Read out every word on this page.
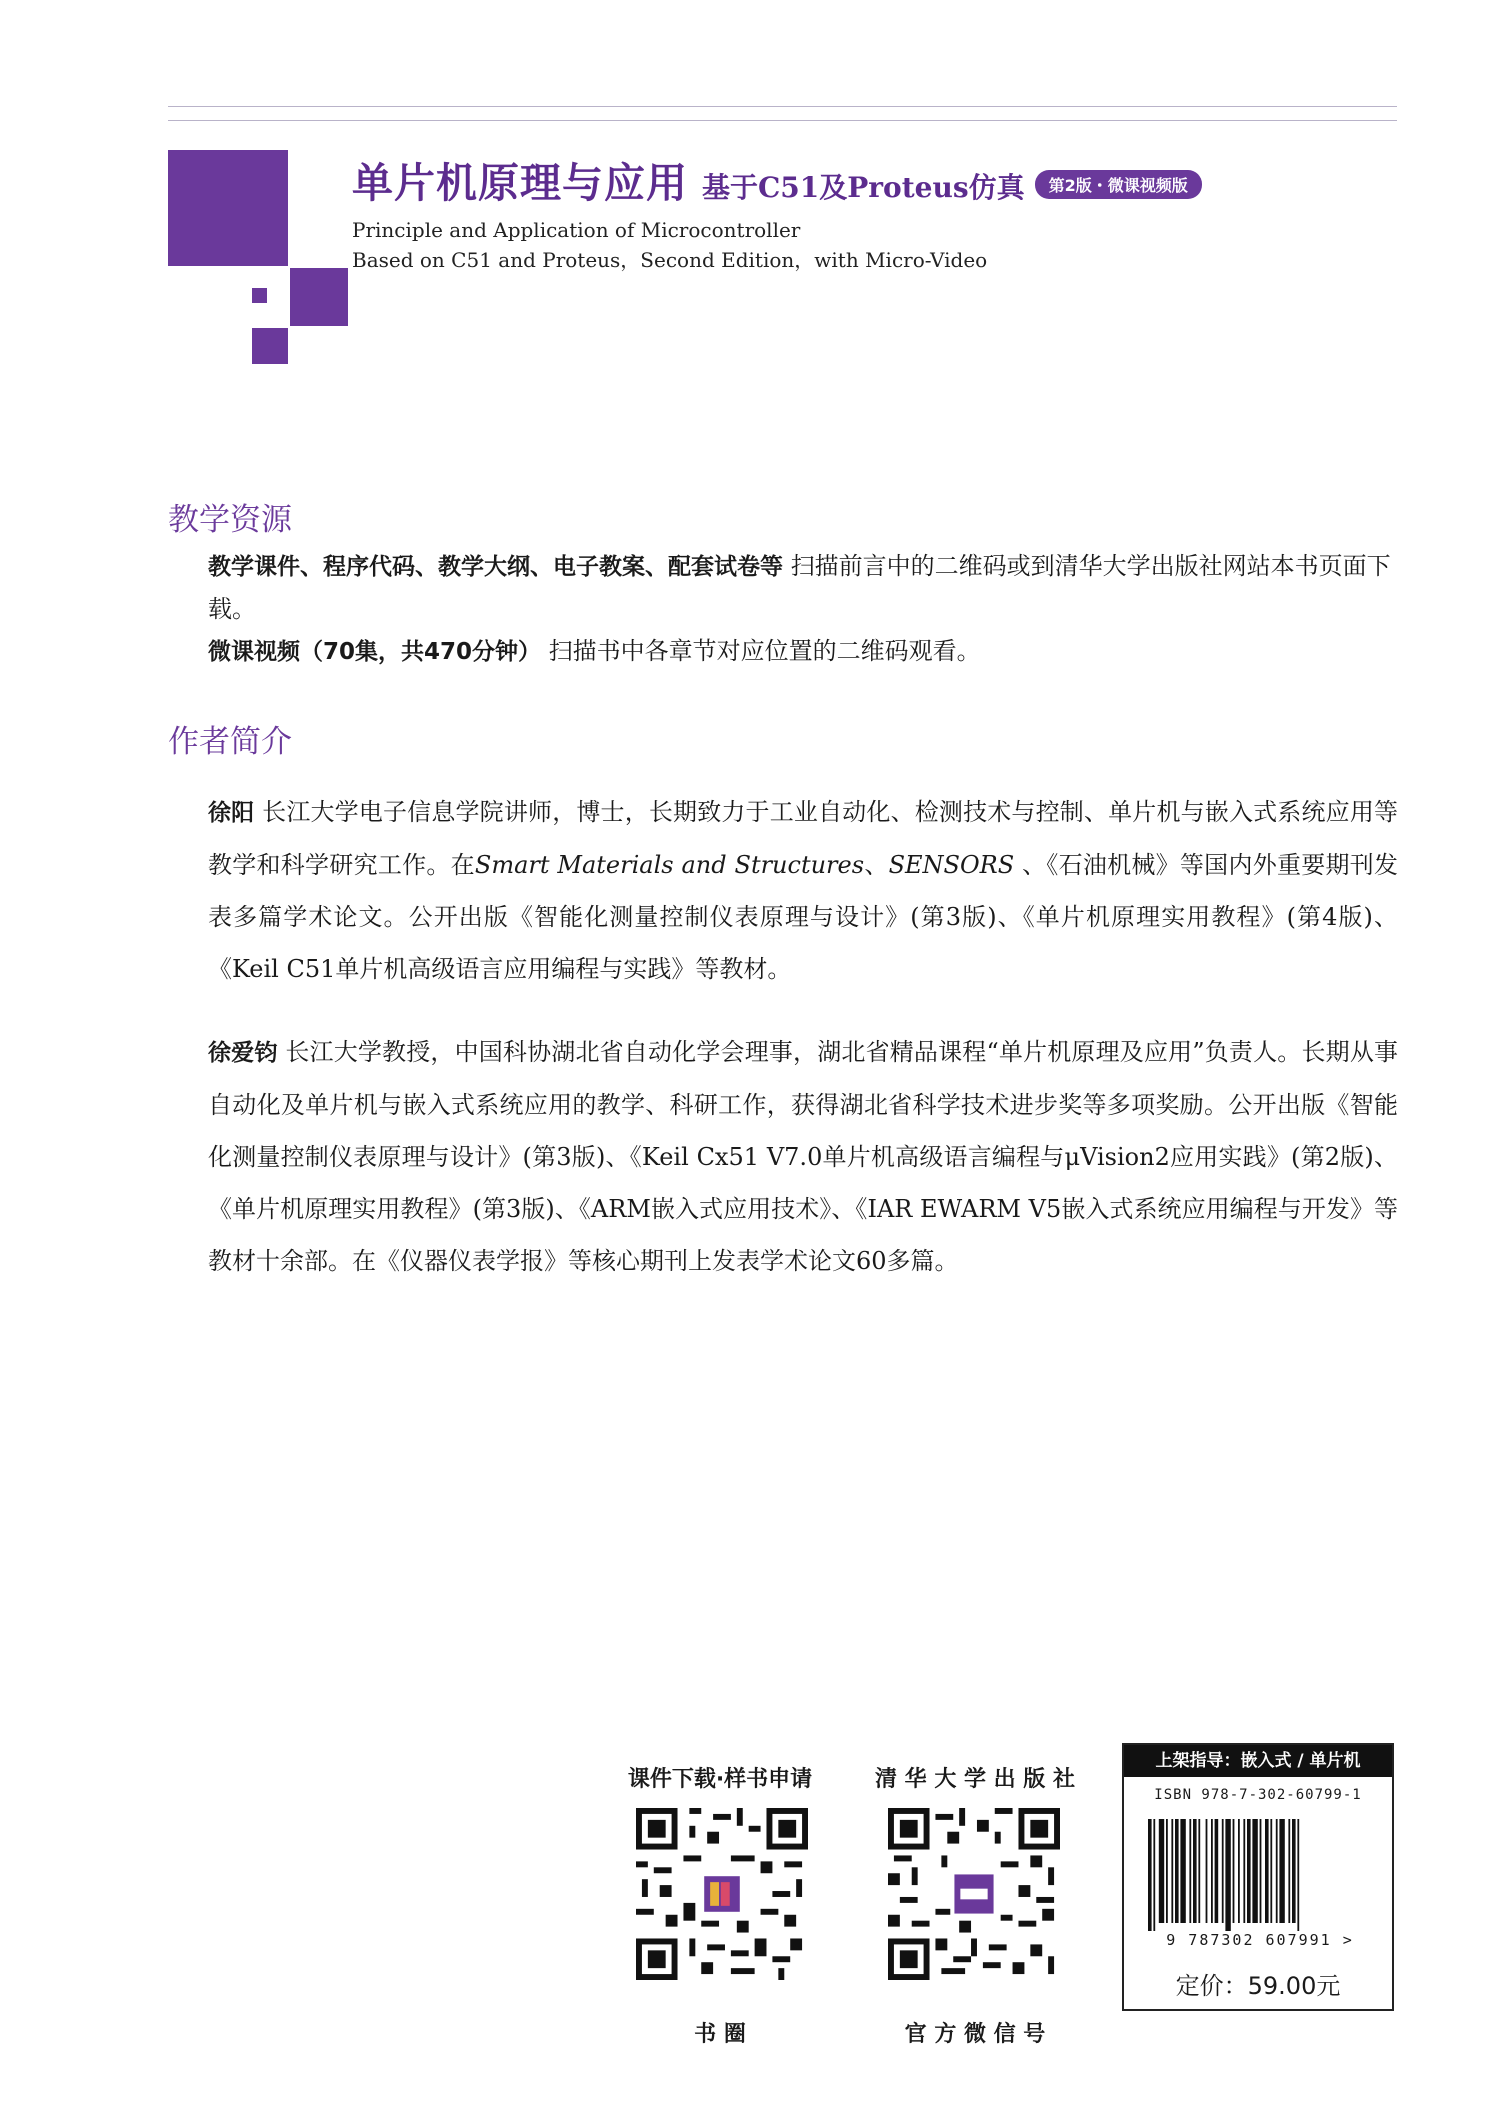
单片机原理与应用 基于C51及Proteus仿真	第2版・微课视频版
Principle and Application of Microcontroller
Based on C51 and Proteus，Second Edition，with Micro-Video
教学资源
教学课件、程序代码、教学大纲、电子教案、配套试卷等 扫描前言中的二维码或到清华大学出版社网站本书页面下载。
微课视频（70集，共470分钟） 扫描书中各章节对应位置的二维码观看。
作者简介
徐阳 长江大学电子信息学院讲师，博士，长期致力于工业自动化、检测技术与控制、单片机与嵌入式系统应用等教学和科学研究工作。在Smart Materials and Structures、SENSORS 、《石油机械》等国内外重要期刊发表多篇学术论文。公开出版《智能化测量控制仪表原理与设计》(第3版)、《单片机原理实用教程》(第4版)、《Keil C51单片机高级语言应用编程与实践》等教材。
徐爱钧 长江大学教授，中国科协湖北省自动化学会理事，湖北省精品课程“单片机原理及应用”负责人。长期从事自动化及单片机与嵌入式系统应用的教学、科研工作，获得湖北省科学技术进步奖等多项奖励。公开出版《智能化测量控制仪表原理与设计》(第3版)、《Keil Cx51 V7.0单片机高级语言编程与μVision2应用实践》(第2版)、《单片机原理实用教程》(第3版)、《ARM嵌入式应用技术》、《IAR EWARM V5嵌入式系统应用编程与开发》等教材十余部。在《仪器仪表学报》等核心期刊上发表学术论文60多篇。
课件下载·样书申请
书 圈
清 华 大 学 出 版 社
官 方 微 信 号
上架指导：嵌入式 / 单片机
ISBN 978-7-302-60799-1
9 787302 607991 >
定价：59.00元
